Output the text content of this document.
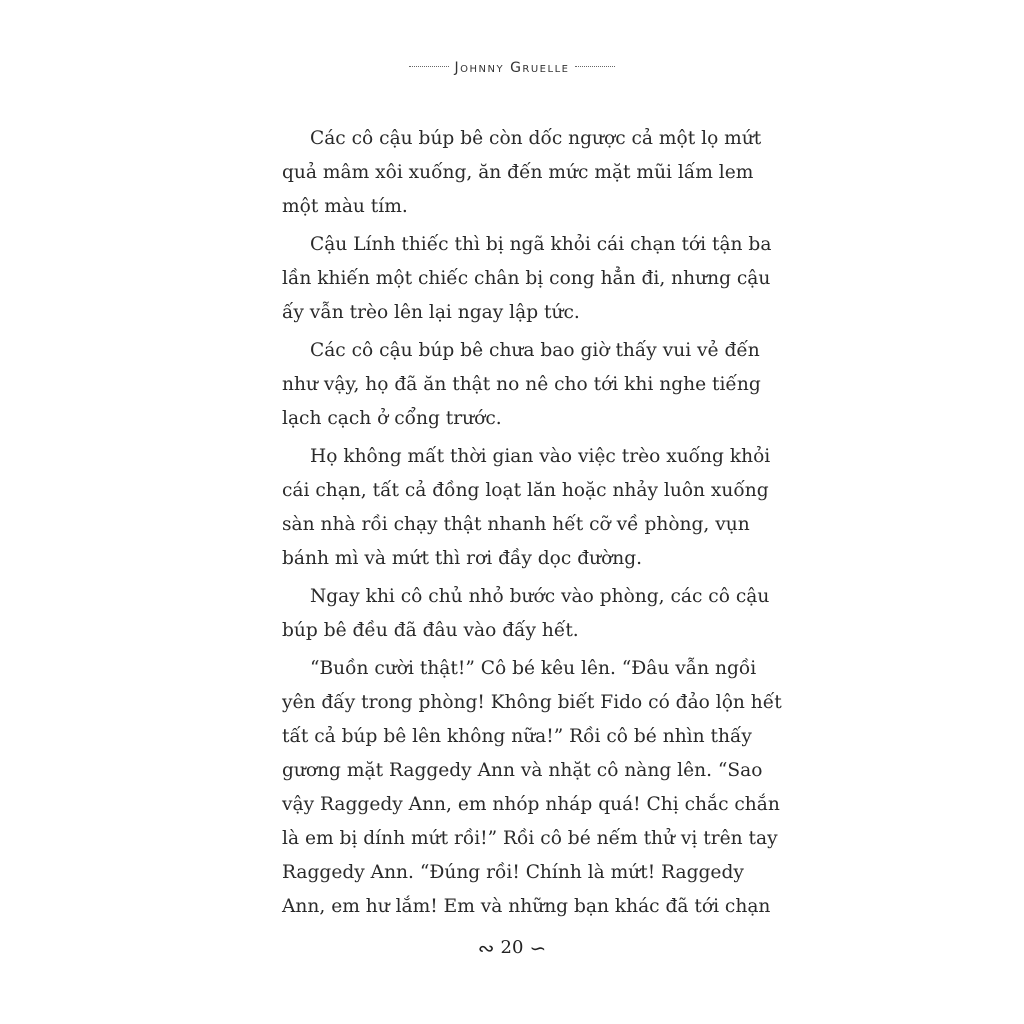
Johnny Gruelle

Các cô cậu búp bê còn dốc ngược cả một lọ mứt
quả mâm xôi xuống, ăn đến mức mặt mũi lấm lem
một màu tím.

Cậu Lính thiếc thì bị ngã khỏi cái chạn tới tận ba
lần khiến một chiếc chân bị cong hẳn đi, nhưng cậu
ấy vẫn trèo lên lại ngay lập tức.

Các cô cậu búp bê chưa bao giờ thấy vui vẻ đến
như vậy, họ đã ăn thật no nê cho tới khi nghe tiếng
lạch cạch ở cổng trước.

Họ không mất thời gian vào việc trèo xuống khỏi
cái chạn, tất cả đồng loạt lăn hoặc nhảy luôn xuống
sàn nhà rồi chạy thật nhanh hết cỡ về phòng, vụn
bánh mì và mứt thì rơi đầy dọc đường.

Ngay khi cô chủ nhỏ bước vào phòng, các cô cậu
búp bê đều đã đâu vào đấy hết.

“Buồn cười thật!” Cô bé kêu lên. “Đâu vẫn ngồi
yên đấy trong phòng! Không biết Fido có đảo lộn hết
tất cả búp bê lên không nữa!” Rồi cô bé nhìn thấy
gương mặt Raggedy Ann và nhặt cô nàng lên. “Sao
vậy Raggedy Ann, em nhóp nháp quá! Chị chắc chắn
là em bị dính mứt rồi!” Rồi cô bé nếm thử vị trên tay
Raggedy Ann. “Đúng rồi! Chính là mứt! Raggedy
Ann, em hư lắm! Em và những bạn khác đã tới chạn

∾ 20 ∽
